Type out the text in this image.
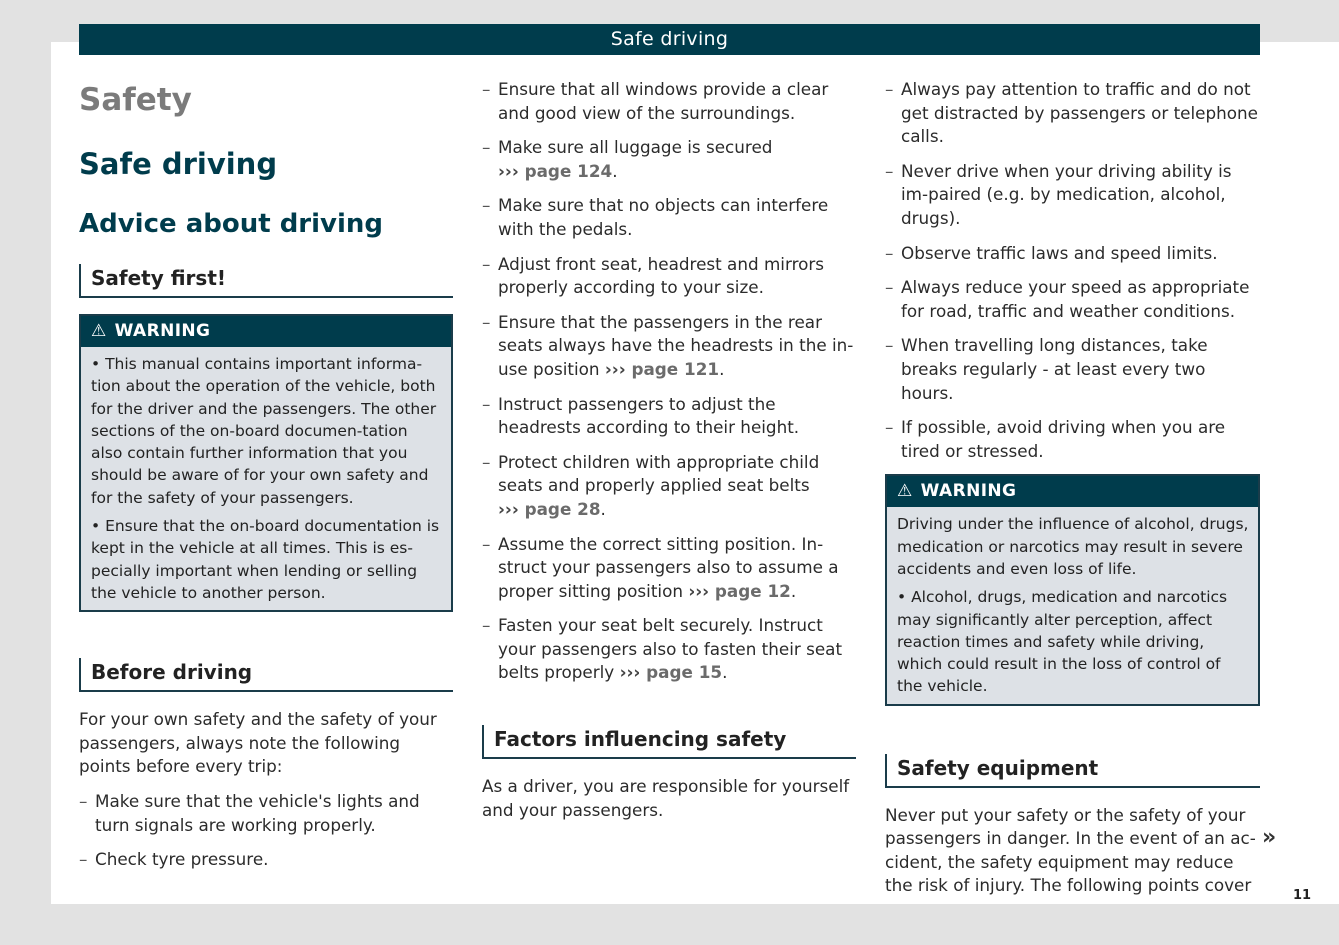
Safe driving
Safety
Safe driving
Advice about driving
Safety first!
⚠ WARNING

• This manual contains important informa-tion about the operation of the vehicle, both for the driver and the passengers. The other sections of the on-board documen-tation also contain further information that you should be aware of for your own safety and for the safety of your passengers.

• Ensure that the on-board documentation is kept in the vehicle at all times. This is es-pecially important when lending or selling the vehicle to another person.

Before driving

For your own safety and the safety of your passengers, always note the following points before every trip:

– Make sure that the vehicle's lights and turn signals are working properly.
– Check tyre pressure.
– Ensure that all windows provide a clear and good view of the surroundings.
– Make sure all luggage is secured
››› page 124.
– Make sure that no objects can interfere with the pedals.
– Adjust front seat, headrest and mirrors properly according to your size.
– Ensure that the passengers in the rear seats always have the headrests in the in-use position ››› page 121.
– Instruct passengers to adjust the headrests according to their height.
– Protect children with appropriate child seats and properly applied seat belts
››› page 28.
– Assume the correct sitting position. In-struct your passengers also to assume a proper sitting position ››› page 12.
– Fasten your seat belt securely. Instruct your passengers also to fasten their seat belts properly ››› page 15.
Factors influencing safety

As a driver, you are responsible for yourself and your passengers.

– Always pay attention to traffic and do not get distracted by passengers or telephone calls.
– Never drive when your driving ability is im-paired (e.g. by medication, alcohol, drugs).
– Observe traffic laws and speed limits.
– Always reduce your speed as appropriate for road, traffic and weather conditions.
– When travelling long distances, take breaks regularly - at least every two hours.
– If possible, avoid driving when you are tired or stressed.
⚠ WARNING

Driving under the influence of alcohol, drugs, medication or narcotics may result in severe accidents and even loss of life.

• Alcohol, drugs, medication and narcotics may significantly alter perception, affect reaction times and safety while driving, which could result in the loss of control of the vehicle.

Safety equipment

Never put your safety or the safety of your passengers in danger. In the event of an ac-cident, the safety equipment may reduce the risk of injury. The following points cover

»
11
